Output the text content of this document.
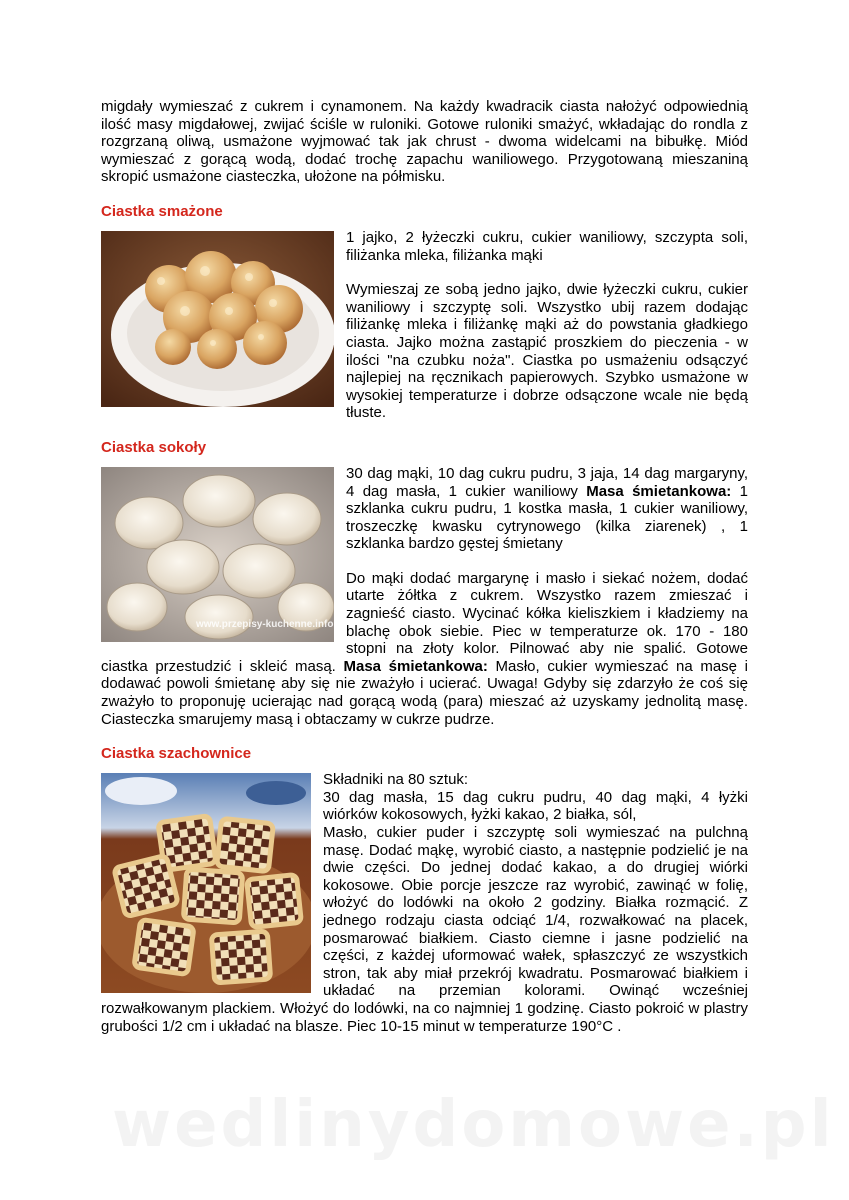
migdały wymieszać z cukrem i cynamonem. Na każdy kwadracik ciasta nałożyć odpowiednią ilość masy migdałowej, zwijać ściśle w ruloniki. Gotowe ruloniki smażyć, wkładając do rondla z rozgrzaną oliwą, usmażone wyjmować tak jak chrust - dwoma widelcami na bibułkę. Miód wymieszać z gorącą wodą, dodać trochę zapachu waniliowego. Przygotowaną mieszaniną skropić usmażone ciasteczka, ułożone na półmisku.

Ciastka smażone

1 jajko, 2 łyżeczki cukru, cukier waniliowy, szczypta soli, filiżanka mleka, filiżanka mąki

Wymieszaj ze sobą jedno jajko, dwie łyżeczki cukru, cukier waniliowy i szczyptę soli. Wszystko ubij razem dodając filiżankę mleka i filiżankę mąki aż do powstania gładkiego ciasta. Jajko można zastąpić proszkiem do pieczenia - w ilości "na czubku noża". Ciastka po usmażeniu odsączyć najlepiej na ręcznikach papierowych. Szybko usmażone w wysokiej temperaturze i dobrze odsączone wcale nie będą tłuste.

Ciastka sokoły

www.przepisy-kuchenne.info

30 dag mąki, 10 dag cukru pudru, 3 jaja, 14 dag margaryny, 4 dag masła, 1 cukier waniliowy Masa śmietankowa: 1 szklanka cukru pudru, 1 kostka masła, 1 cukier waniliowy, troszeczkę kwasku cytrynowego (kilka ziarenek) , 1 szklanka bardzo gęstej śmietany

Do mąki dodać margarynę i masło i siekać nożem, dodać utarte żółtka z cukrem. Wszystko razem zmieszać i zagnieść ciasto. Wycinać kółka kieliszkiem i kładziemy na blachę obok siebie. Piec w temperaturze ok. 170 - 180 stopni na złoty kolor. Pilnować aby nie spalić. Gotowe ciastka przestudzić i skleić masą. Masa śmietankowa: Masło, cukier wymieszać na masę i dodawać powoli śmietanę aby się nie zważyło i ucierać. Uwaga! Gdyby się zdarzyło że coś się zważyło to proponuję ucierając nad gorącą wodą (para) mieszać aż uzyskamy jednolitą masę. Ciasteczka smarujemy masą i obtaczamy w cukrze pudrze.

Ciastka szachownice

Składniki na 80 sztuk:

30 dag masła, 15 dag cukru pudru, 40 dag mąki, 4 łyżki wiórków kokosowych, łyżki kakao, 2 białka, sól,

Masło, cukier puder i szczyptę soli wymieszać na pulchną masę. Dodać mąkę, wyrobić ciasto, a następnie podzielić je na dwie części. Do jednej dodać kakao, a do drugiej wiórki kokosowe. Obie porcje jeszcze raz wyrobić, zawinąć w folię, włożyć do lodówki na około 2 godziny. Białka rozmącić. Z jednego rodzaju ciasta odciąć 1/4, rozwałkować na placek, posmarować białkiem. Ciasto ciemne i jasne podzielić na części, z każdej uformować wałek, spłaszczyć ze wszystkich stron, tak aby miał przekrój kwadratu. Posmarować białkiem i układać na przemian kolorami. Owinąć wcześniej rozwałkowanym plackiem. Włożyć do lodówki, na co najmniej 1 godzinę. Ciasto pokroić w plastry grubości 1/2 cm i układać na blasze. Piec 10-15 minut w temperaturze 190°C .

wedlinydomowe.pl
